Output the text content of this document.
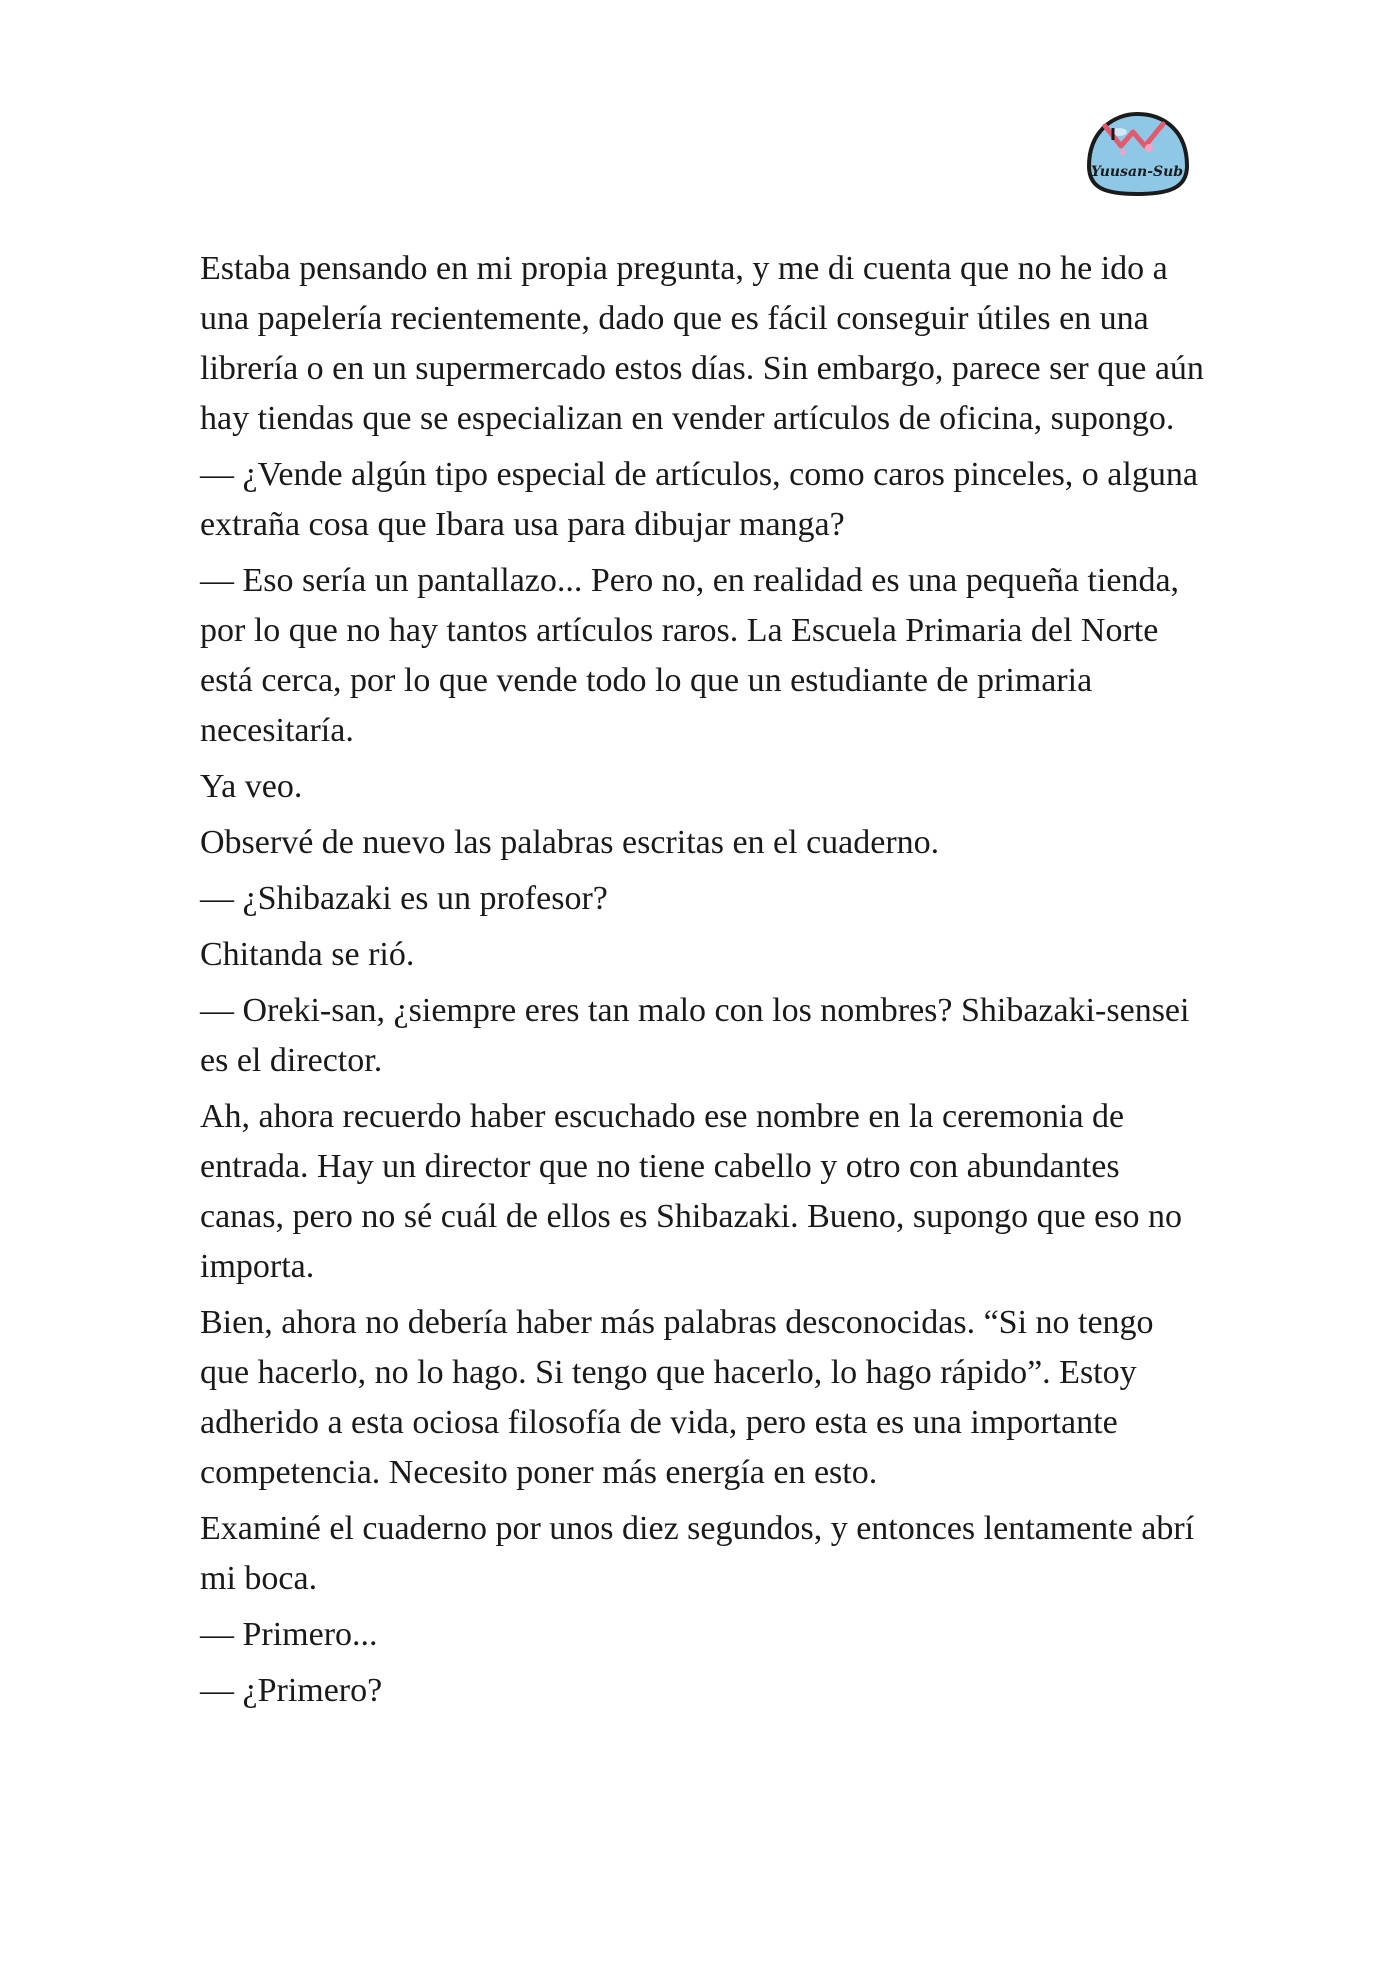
Yuusan-Sub

Estaba pensando en mi propia pregunta, y me di cuenta que no he ido a una papelería recientemente, dado que es fácil conseguir útiles en una librería o en un supermercado estos días. Sin embargo, parece ser que aún hay tiendas que se especializan en vender artículos de oficina, supongo.

— ¿Vende algún tipo especial de artículos, como caros pinceles, o alguna extraña cosa que Ibara usa para dibujar manga?

— Eso sería un pantallazo... Pero no, en realidad es una pequeña tienda, por lo que no hay tantos artículos raros. La Escuela Primaria del Norte está cerca, por lo que vende todo lo que un estudiante de primaria necesitaría.

Ya veo.

Observé de nuevo las palabras escritas en el cuaderno.

— ¿Shibazaki es un profesor?

Chitanda se rió.

— Oreki-san, ¿siempre eres tan malo con los nombres? Shibazaki-sensei es el director.

Ah, ahora recuerdo haber escuchado ese nombre en la ceremonia de entrada. Hay un director que no tiene cabello y otro con abundantes canas, pero no sé cuál de ellos es Shibazaki. Bueno, supongo que eso no importa.

Bien, ahora no debería haber más palabras desconocidas. “Si no tengo que hacerlo, no lo hago. Si tengo que hacerlo, lo hago rápido”. Estoy adherido a esta ociosa filosofía de vida, pero esta es una importante competencia. Necesito poner más energía en esto.

Examiné el cuaderno por unos diez segundos, y entonces lentamente abrí mi boca.

— Primero...

— ¿Primero?
